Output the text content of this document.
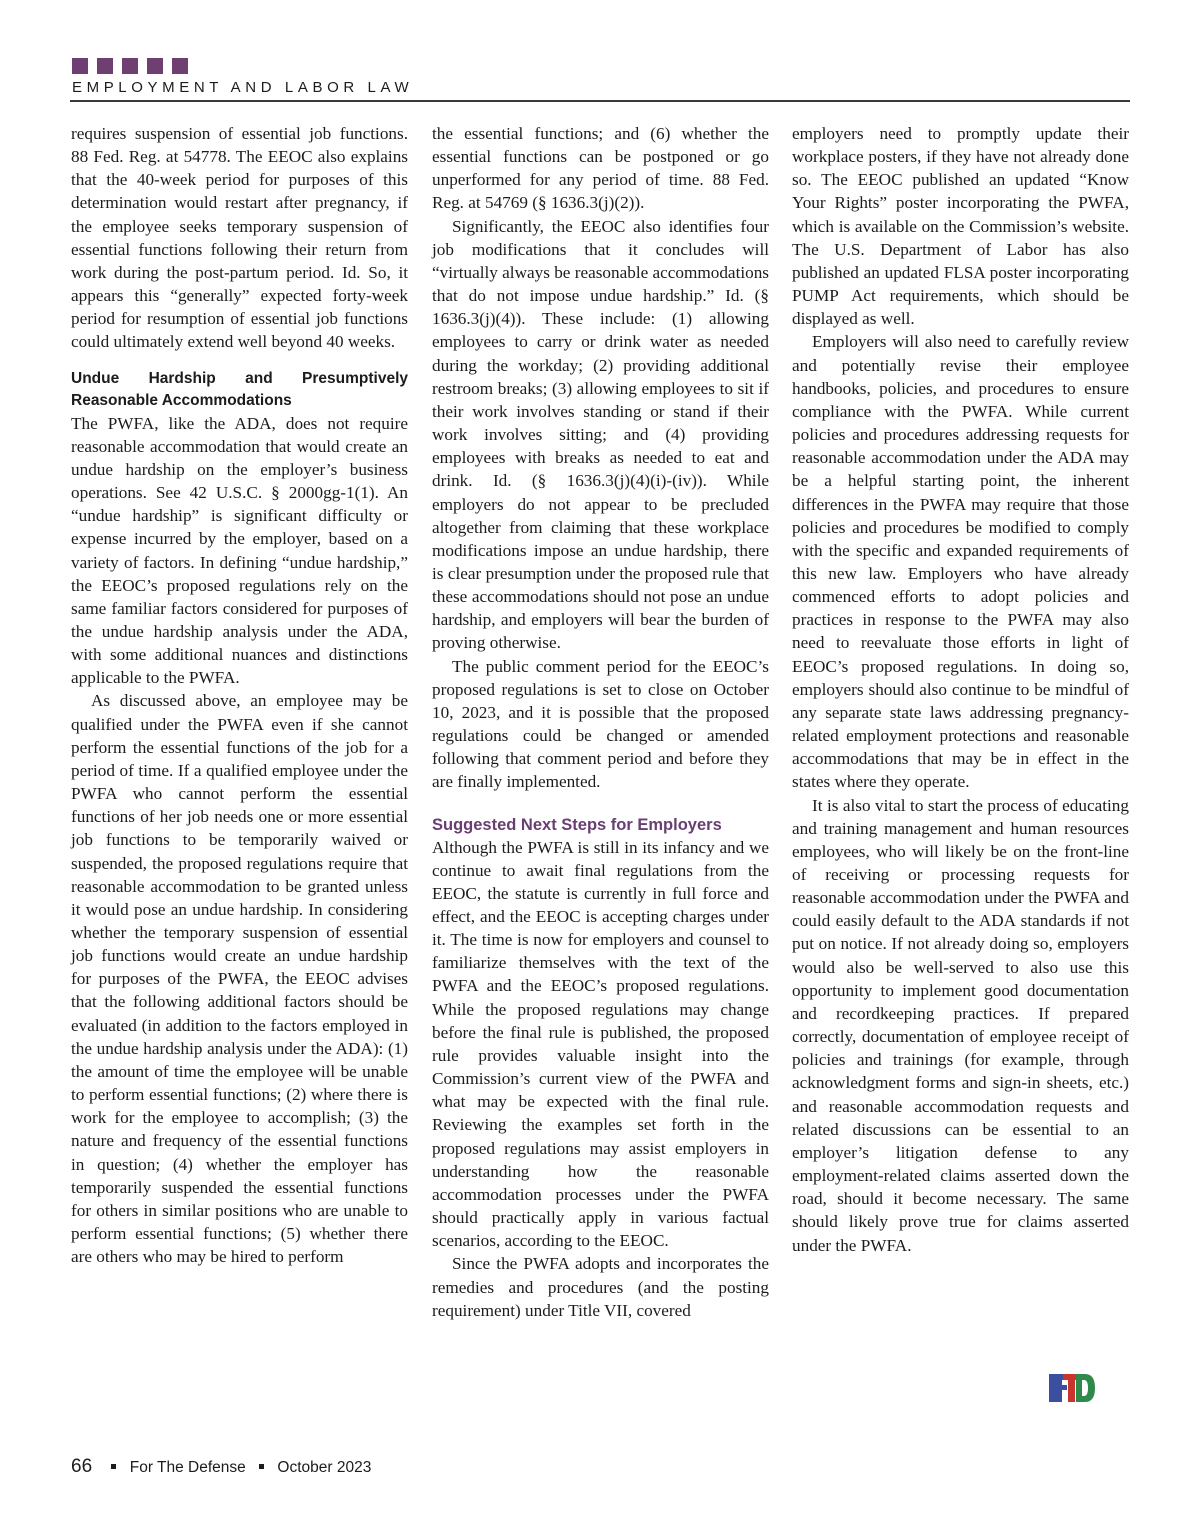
EMPLOYMENT AND LABOR LAW

requires suspension of essential job functions. 88 Fed. Reg. at 54778. The EEOC also explains that the 40-week period for purposes of this determination would restart after pregnancy, if the employee seeks temporary suspension of essential functions following their return from work during the post-partum period. Id. So, it appears this “generally” expected forty-week period for resumption of essential job functions could ultimately extend well beyond 40 weeks.

Undue Hardship and Presumptively Reasonable Accommodations

The PWFA, like the ADA, does not require reasonable accommodation that would create an undue hardship on the employer’s business operations. See 42 U.S.C. § 2000gg-1(1). An “undue hardship” is significant difficulty or expense incurred by the employer, based on a variety of factors. In defining “undue hardship,” the EEOC’s proposed regulations rely on the same familiar factors considered for purposes of the undue hardship analysis under the ADA, with some additional nuances and distinctions applicable to the PWFA.

As discussed above, an employee may be qualified under the PWFA even if she cannot perform the essential functions of the job for a period of time. If a qualified employee under the PWFA who cannot perform the essential functions of her job needs one or more essential job functions to be temporarily waived or suspended, the proposed regulations require that reasonable accommodation to be granted unless it would pose an undue hardship. In considering whether the temporary suspension of essential job functions would create an undue hardship for purposes of the PWFA, the EEOC advises that the following additional factors should be evaluated (in addition to the factors employed in the undue hardship analysis under the ADA): (1) the amount of time the employee will be unable to perform essential functions; (2) where there is work for the employee to accomplish; (3) the nature and frequency of the essential functions in question; (4) whether the employer has temporarily suspended the essential functions for others in similar positions who are unable to perform essential functions; (5) whether there are others who may be hired to perform

the essential functions; and (6) whether the essential functions can be postponed or go unperformed for any period of time. 88 Fed. Reg. at 54769 (§ 1636.3(j)(2)).

Significantly, the EEOC also identifies four job modifications that it concludes will “virtually always be reasonable accommodations that do not impose undue hardship.” Id. (§ 1636.3(j)(4)). These include: (1) allowing employees to carry or drink water as needed during the workday; (2) providing additional restroom breaks; (3) allowing employees to sit if their work involves standing or stand if their work involves sitting; and (4) providing employees with breaks as needed to eat and drink. Id. (§ 1636.3(j)(4)(i)-(iv)). While employers do not appear to be precluded altogether from claiming that these workplace modifications impose an undue hardship, there is clear presumption under the proposed rule that these accommodations should not pose an undue hardship, and employers will bear the burden of proving otherwise.

The public comment period for the EEOC’s proposed regulations is set to close on October 10, 2023, and it is possible that the proposed regulations could be changed or amended following that comment period and before they are finally implemented.

Suggested Next Steps for Employers

Although the PWFA is still in its infancy and we continue to await final regulations from the EEOC, the statute is currently in full force and effect, and the EEOC is accepting charges under it. The time is now for employers and counsel to familiarize themselves with the text of the PWFA and the EEOC’s proposed regulations. While the proposed regulations may change before the final rule is published, the proposed rule provides valuable insight into the Commission’s current view of the PWFA and what may be expected with the final rule. Reviewing the examples set forth in the proposed regulations may assist employers in understanding how the reasonable accommodation processes under the PWFA should practically apply in various factual scenarios, according to the EEOC.

Since the PWFA adopts and incorporates the remedies and procedures (and the posting requirement) under Title VII, covered

employers need to promptly update their workplace posters, if they have not already done so. The EEOC published an updated “Know Your Rights” poster incorporating the PWFA, which is available on the Commission’s website. The U.S. Department of Labor has also published an updated FLSA poster incorporating PUMP Act requirements, which should be displayed as well.

Employers will also need to carefully review and potentially revise their employee handbooks, policies, and procedures to ensure compliance with the PWFA. While current policies and procedures addressing requests for reasonable accommodation under the ADA may be a helpful starting point, the inherent differences in the PWFA may require that those policies and procedures be modified to comply with the specific and expanded requirements of this new law. Employers who have already commenced efforts to adopt policies and practices in response to the PWFA may also need to reevaluate those efforts in light of EEOC’s proposed regulations. In doing so, employers should also continue to be mindful of any separate state laws addressing pregnancy-related employment protections and reasonable accommodations that may be in effect in the states where they operate.

It is also vital to start the process of educating and training management and human resources employees, who will likely be on the front-line of receiving or processing requests for reasonable accommodation under the PWFA and could easily default to the ADA standards if not put on notice. If not already doing so, employers would also be well-served to also use this opportunity to implement good documentation and recordkeeping practices. If prepared correctly, documentation of employee receipt of policies and trainings (for example, through acknowledgment forms and sign-in sheets, etc.) and reasonable accommodation requests and related discussions can be essential to an employer’s litigation defense to any employment-related claims asserted down the road, should it become necessary. The same should likely prove true for claims asserted under the PWFA.

66 For The Defense October 2023
